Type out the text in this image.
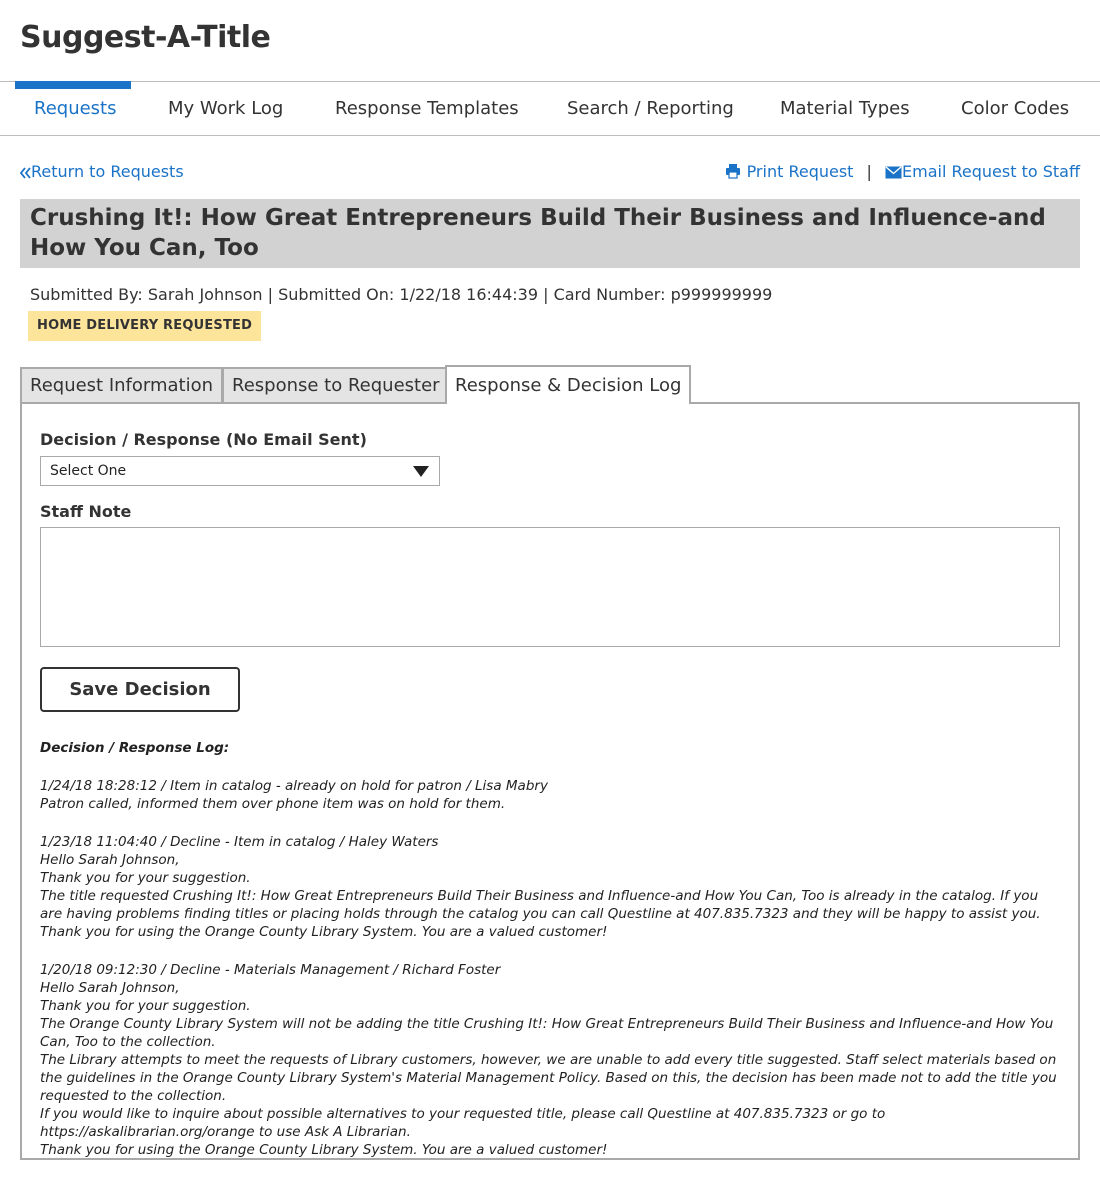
Suggest-A-Title
Requests	My Work Log	Response Templates	Search / Reporting	Material Types	Color Codes
Return to Requests	Print Request | Email Request to Staff
Crushing It!: How Great Entrepreneurs Build Their Business and Influence-and How You Can, Too
Submitted By: Sarah Johnson | Submitted On: 1/22/18 16:44:39 | Card Number: p999999999
HOME DELIVERY REQUESTED
Request Information	Response to Requester Response & Decision Log
Decision / Response (No Email Sent)
Select One
Staff Note
Save Decision
Decision / Response Log:
1/24/18 18:28:12 / Item in catalog - already on hold for patron / Lisa Mabry
Patron called, informed them over phone item was on hold for them.
1/23/18 11:04:40 / Decline - Item in catalog / Haley Waters
Hello Sarah Johnson,
Thank you for your suggestion.
The title requested Crushing It!: How Great Entrepreneurs Build Their Business and Influence-and How You Can, Too is already in the catalog. If you are having problems finding titles or placing holds through the catalog you can call Questline at 407.835.7323 and they will be happy to assist you.
Thank you for using the Orange County Library System. You are a valued customer!
1/20/18 09:12:30 / Decline - Materials Management / Richard Foster
Hello Sarah Johnson,
Thank you for your suggestion.
The Orange County Library System will not be adding the title Crushing It!: How Great Entrepreneurs Build Their Business and Influence-and How You Can, Too to the collection.
The Library attempts to meet the requests of Library customers, however, we are unable to add every title suggested. Staff select materials based on the guidelines in the Orange County Library System's Material Management Policy. Based on this, the decision has been made not to add the title you requested to the collection.
If you would like to inquire about possible alternatives to your requested title, please call Questline at 407.835.7323 or go to https://askalibrarian.org/orange to use Ask A Librarian.
Thank you for using the Orange County Library System. You are a valued customer!
